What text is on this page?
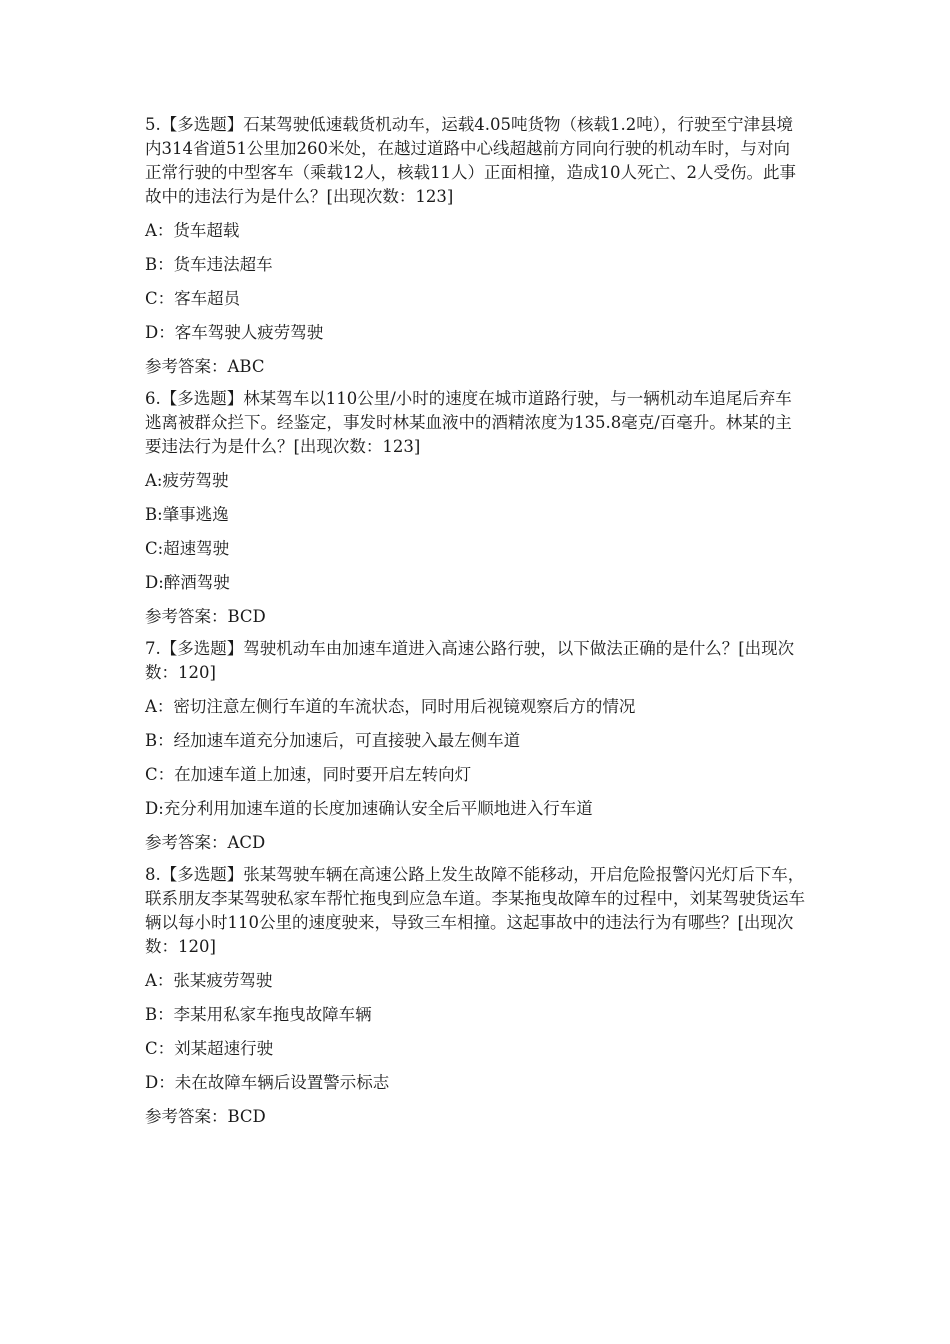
5.【多选题】石某驾驶低速载货机动车，运载4.05吨货物（核载1.2吨），行驶至宁津县境内314省道51公里加260米处，在越过道路中心线超越前方同向行驶的机动车时，与对向正常行驶的中型客车（乘载12人，核载11人）正面相撞，造成10人死亡、2人受伤。此事故中的违法行为是什么？[出现次数：123]

A：货车超载

B：货车违法超车

C：客车超员

D：客车驾驶人疲劳驾驶

参考答案：ABC

6.【多选题】林某驾车以110公里/小时的速度在城市道路行驶，与一辆机动车追尾后弃车逃离被群众拦下。经鉴定，事发时林某血液中的酒精浓度为135.8毫克/百毫升。林某的主要违法行为是什么？[出现次数：123]

A:疲劳驾驶

B:肇事逃逸

C:超速驾驶

D:醉酒驾驶

参考答案：BCD

7.【多选题】驾驶机动车由加速车道进入高速公路行驶，以下做法正确的是什么？[出现次数：120]

A：密切注意左侧行车道的车流状态，同时用后视镜观察后方的情况

B：经加速车道充分加速后，可直接驶入最左侧车道

C：在加速车道上加速，同时要开启左转向灯

D:充分利用加速车道的长度加速确认安全后平顺地进入行车道

参考答案：ACD

8.【多选题】张某驾驶车辆在高速公路上发生故障不能移动，开启危险报警闪光灯后下车，联系朋友李某驾驶私家车帮忙拖曳到应急车道。李某拖曳故障车的过程中，刘某驾驶货运车辆以每小时110公里的速度驶来，导致三车相撞。这起事故中的违法行为有哪些？[出现次数：120]

A：张某疲劳驾驶

B：李某用私家车拖曳故障车辆

C：刘某超速行驶

D：未在故障车辆后设置警示标志

参考答案：BCD
